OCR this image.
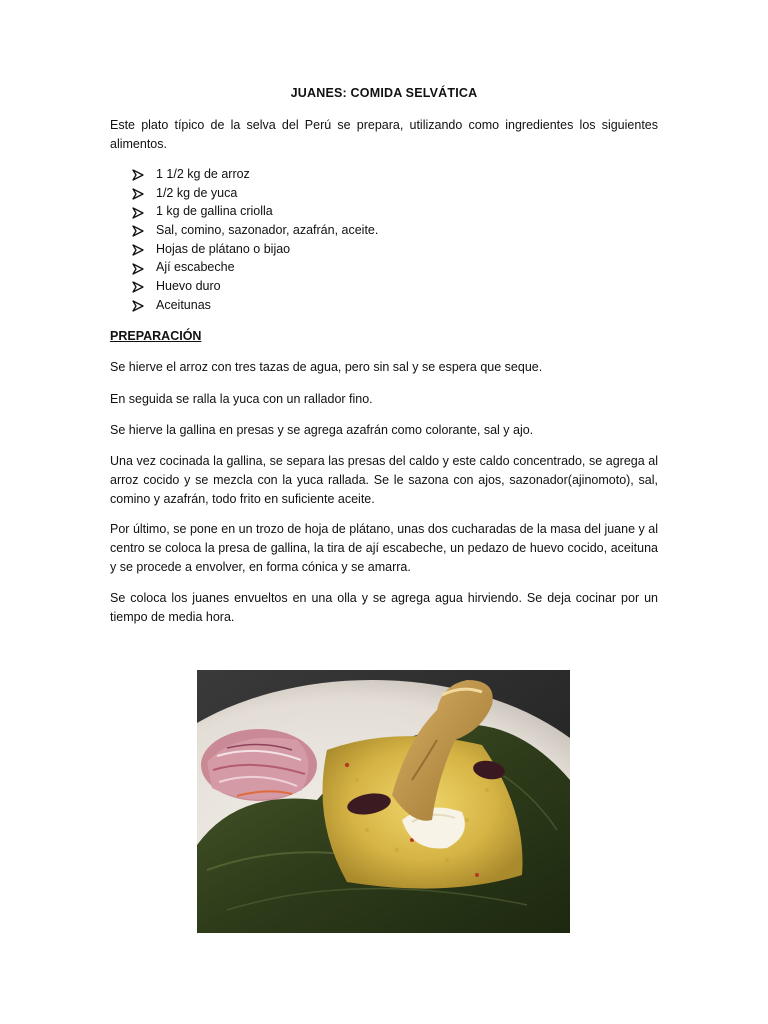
JUANES: COMIDA SELVÁTICA
Este plato típico de la selva del Perú se prepara, utilizando como ingredientes los siguientes alimentos.
1 1/2 kg de arroz
1/2 kg de yuca
1 kg de gallina criolla
Sal, comino, sazonador, azafrán, aceite.
Hojas de plátano o bijao
Ají escabeche
Huevo duro
Aceitunas
PREPARACIÓN
Se hierve el arroz con tres tazas de agua, pero sin sal y se espera que seque.
En seguida se ralla la yuca con un rallador fino.
Se hierve la gallina en presas y se agrega azafrán como colorante, sal y ajo.
Una vez cocinada la gallina, se separa las presas del caldo y este caldo concentrado, se agrega al arroz cocido y se mezcla con la yuca rallada. Se le sazona con ajos, sazonador(ajinomoto), sal, comino y azafrán, todo frito en suficiente aceite.
Por último, se pone en un trozo de hoja de plátano, unas dos cucharadas de la masa del juane y al centro se coloca la presa de gallina, la tira de ají escabeche, un pedazo de huevo cocido, aceituna y se procede a envolver, en forma cónica y se amarra.
Se coloca los juanes envueltos en una olla y se agrega agua hirviendo. Se deja cocinar por un tiempo de media hora.
